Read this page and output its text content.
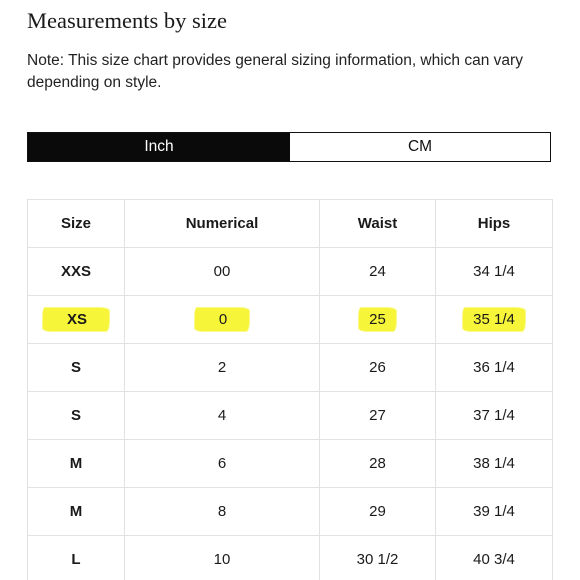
Measurements by size

Note: This size chart provides general sizing information, which can vary depending on style.

Inch	CM
Size	Numerical	Waist	Hips
XXS	00	24	34 1/4
XS	0	25	35 1/4
S	2	26	36 1/4
S	4	27	37 1/4
M	6	28	38 1/4
M	8	29	39 1/4
L	10	30 1/2	40 3/4
